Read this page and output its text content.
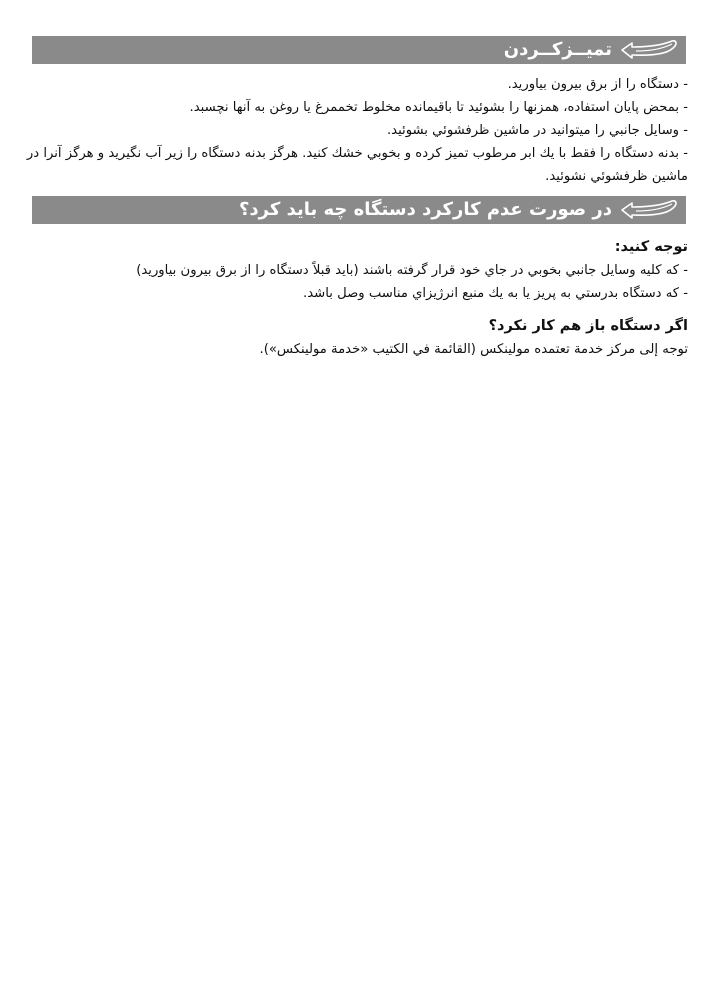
تميــزكــردن

- دستگاه را از برق بيرون بياوريد.

- بمحض پايان استفاده، همزنها را بشوئيد تا باقيمانده مخلوط تخممرغ يا روغن به آنها نچسبد.

- وسايل جانبي را ميتوانيد در ماشين ظرفشوئي بشوئيد.

- بدنه دستگاه را فقط با يك ابر مرطوب تميز كرده و بخوبي خشك كنيد. هرگز بدنه دستگاه را زير آب نگيريد و هرگز آنرا در ماشين ظرفشوئي نشوئيد.

در صورت عدم كاركرد دستگاه چه بايد كرد؟

توجه كنيد:

- كه كليه وسايل جانبي بخوبي در جاي خود قرار گرفته باشند (بايد قبلاً دستگاه را از برق بيرون بياوريد)

- كه دستگاه بدرستي به پريز يا به يك منبع انرژيزاي مناسب وصل باشد.

اگر دستگاه باز هم كار نكرد؟

توجه إلى مركز خدمة تعتمده مولينكس (القائمة في الكتيب «خدمة مولينكس»).
